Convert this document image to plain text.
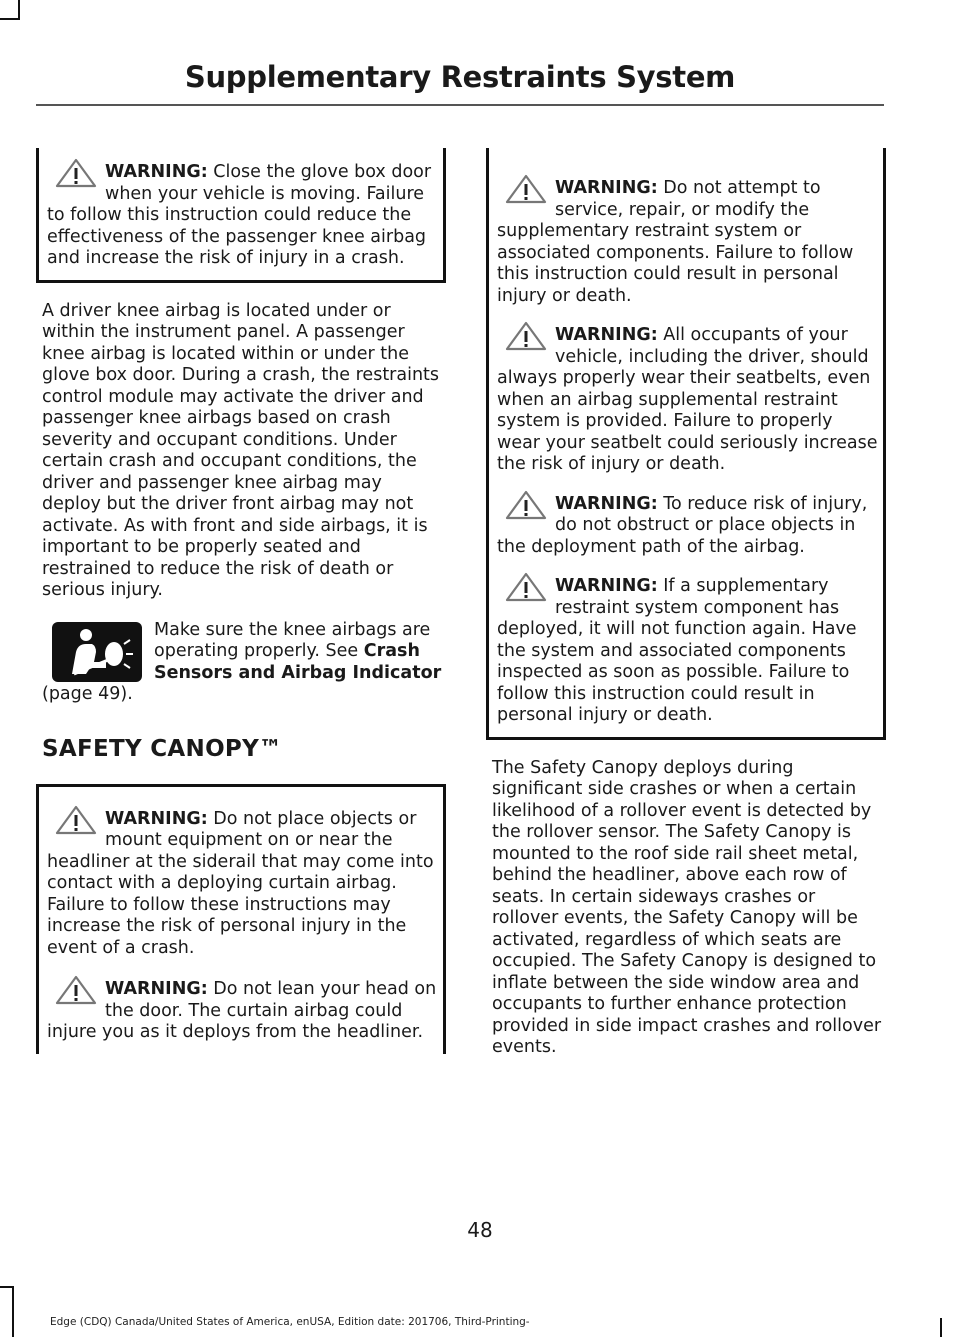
Supplementary Restraints System
WARNING: Close the glove box door when your vehicle is moving. Failure to follow this instruction could reduce the effectiveness of the passenger knee airbag and increase the risk of injury in a crash.

A driver knee airbag is located under or within the instrument panel. A passenger knee airbag is located within or under the glove box door. During a crash, the restraints control module may activate the driver and passenger knee airbags based on crash severity and occupant conditions. Under certain crash and occupant conditions, the driver and passenger knee airbag may deploy but the driver front airbag may not activate. As with front and side airbags, it is important to be properly seated and restrained to reduce the risk of death or serious injury.

Make sure the knee airbags are operating properly. See Crash Sensors and Airbag Indicator (page 49).

SAFETY CANOPY™
WARNING: Do not place objects or mount equipment on or near the headliner at the siderail that may come into contact with a deploying curtain airbag. Failure to follow these instructions may increase the risk of personal injury in the event of a crash.
WARNING: Do not lean your head on the door. The curtain airbag could injure you as it deploys from the headliner.
WARNING: Do not attempt to service, repair, or modify the supplementary restraint system or associated components. Failure to follow this instruction could result in personal injury or death.
WARNING: All occupants of your vehicle, including the driver, should always properly wear their seatbelts, even when an airbag supplemental restraint system is provided. Failure to properly wear your seatbelt could seriously increase the risk of injury or death.
WARNING: To reduce risk of injury, do not obstruct or place objects in the deployment path of the airbag.
WARNING: If a supplementary restraint system component has deployed, it will not function again. Have the system and associated components inspected as soon as possible. Failure to follow this instruction could result in personal injury or death.

The Safety Canopy deploys during significant side crashes or when a certain likelihood of a rollover event is detected by the rollover sensor. The Safety Canopy is mounted to the roof side rail sheet metal, behind the headliner, above each row of seats. In certain sideways crashes or rollover events, the Safety Canopy will be activated, regardless of which seats are occupied. The Safety Canopy is designed to inflate between the side window area and occupants to further enhance protection provided in side impact crashes and rollover events.

48
Edge (CDQ) Canada/United States of America, enUSA, Edition date: 201706, Third-Printing-
